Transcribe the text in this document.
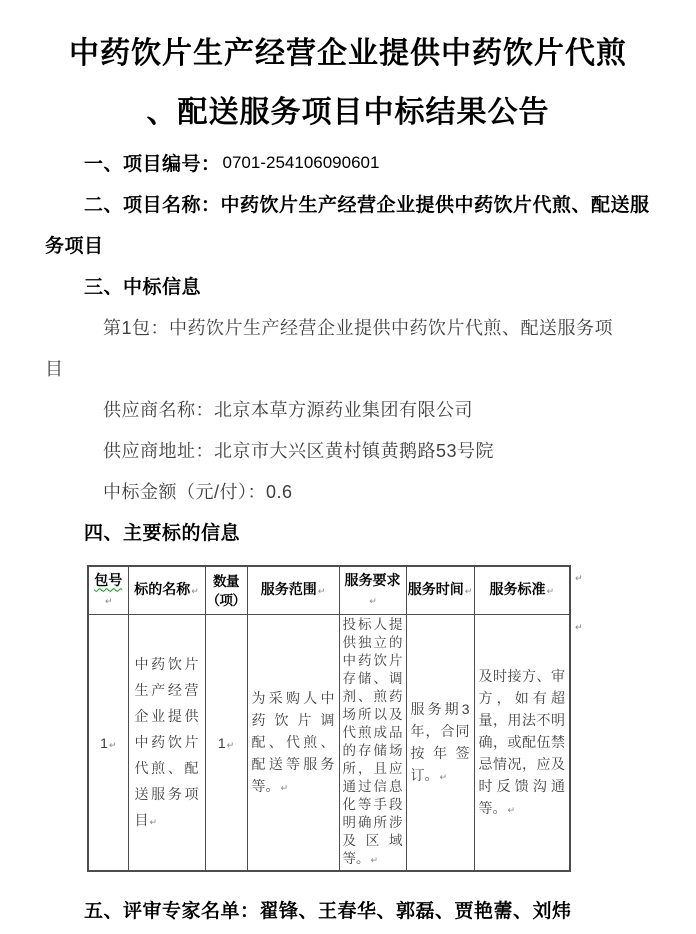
中药饮片生产经营企业提供中药饮片代煎
、配送服务项目中标结果公告
一、项目编号： 0701-254106090601
二、项目名称：中药饮片生产经营企业提供中药饮片代煎、配送服
务项目
三、中标信息
第1包：中药饮片生产经营企业提供中药饮片代煎、配送服务项
目
供应商名称：北京本草方源药业集团有限公司
供应商地址：北京市大兴区黄村镇黄鹅路53号院
中标金额（元/付）：0.6
四、主要标的信息
包号↵	标的名称↵	数量
（项）	服务范围↵	服务要求↵	服务时间↵	服务标准↵
1↵	中药饮片生产经营企业提供中药饮片代煎、配送服务项目↵	1↵	为采购人中药饮片调配、代煎、配送等服务等。↵	投标人提供独立的中药饮片存储、调剂、煎药场所以及代煎成品的存储场所，且应通过信息化等手段明确所涉及区域等。↵	服务期3年，合同按年签订。↵	及时接方、审方，如有超量，用法不明确，或配伍禁忌情况，应及时反馈沟通等。↵
↵
↵
五、评审专家名单：翟锋、王春华、郭磊、贾艳薷、刘炜
